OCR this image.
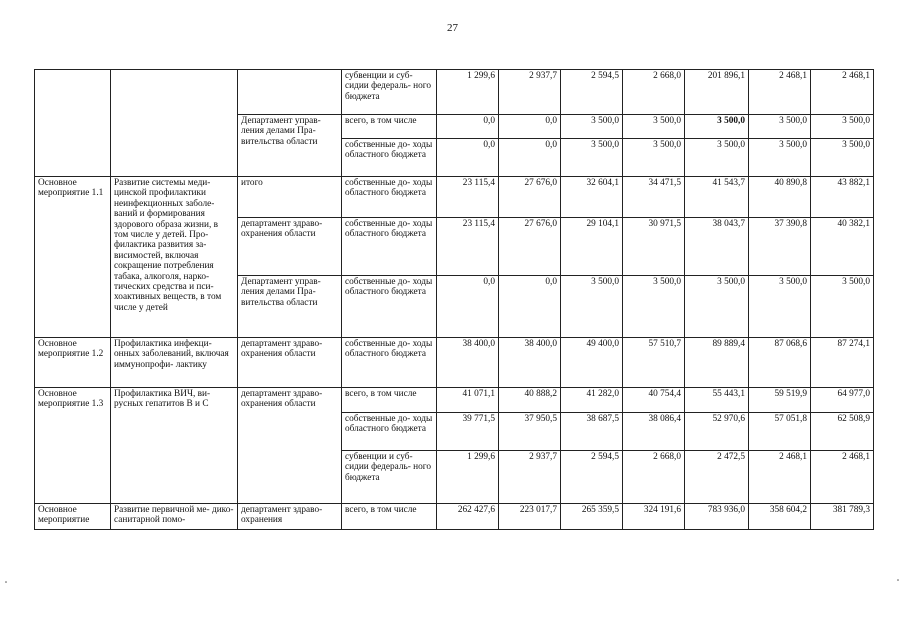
27
			субвенции и суб- сидии федераль- ного бюджета	1 299,6	2 937,7	2 594,5	2 668,0	201 896,1	2 468,1	2 468,1
		Департамент управ- ления делами Пра- вительства области	всего, в том числе	0,0	0,0	3 500,0	3 500,0	3 500,0	3 500,0	3 500,0
			собственные до- ходы областного бюджета	0,0	0,0	3 500,0	3 500,0	3 500,0	3 500,0	3 500,0
Основное мероприятие 1.1	Развитие системы меди- цинской профилактики неинфекционных заболе- ваний и формирования здорового образа жизни, в том числе у детей. Про- филактика развития за- висимостей, включая сокращение потребления табака, алкоголя, нарко- тических средства и пси- хоактивных веществ, в том числе у детей	итого	собственные до- ходы областного бюджета	23 115,4	27 676,0	32 604,1	34 471,5	41 543,7	40 890,8	43 882,1
		департамент здраво- охранения области	собственные до- ходы областного бюджета	23 115,4	27 676,0	29 104,1	30 971,5	38 043,7	37 390,8	40 382,1
		Департамент управ- ления делами Пра- вительства области	собственные до- ходы областного бюджета	0,0	0,0	3 500,0	3 500,0	3 500,0	3 500,0	3 500,0
Основное мероприятие 1.2	Профилактика инфекци- онных заболеваний, включая иммунопрофи- лактику	департамент здраво- охранения области	собственные до- ходы областного бюджета	38 400,0	38 400,0	49 400,0	57 510,7	89 889,4	87 068,6	87 274,1
Основное мероприятие 1.3	Профилактика ВИЧ, ви- русных гепатитов В и С	департамент здраво- охранения области	всего, в том числе	41 071,1	40 888,2	41 282,0	40 754,4	55 443,1	59 519,9	64 977,0
			собственные до- ходы областного бюджета	39 771,5	37 950,5	38 687,5	38 086,4	52 970,6	57 051,8	62 508,9
			субвенции и суб- сидии федераль- ного бюджета	1 299,6	2 937,7	2 594,5	2 668,0	2 472,5	2 468,1	2 468,1
Основное мероприятие	Развитие первичной ме- дико-санитарной помо-	департамент здраво- охранения	всего, в том числе	262 427,6	223 017,7	265 359,5	324 191,6	783 936,0	358 604,2	381 789,3
